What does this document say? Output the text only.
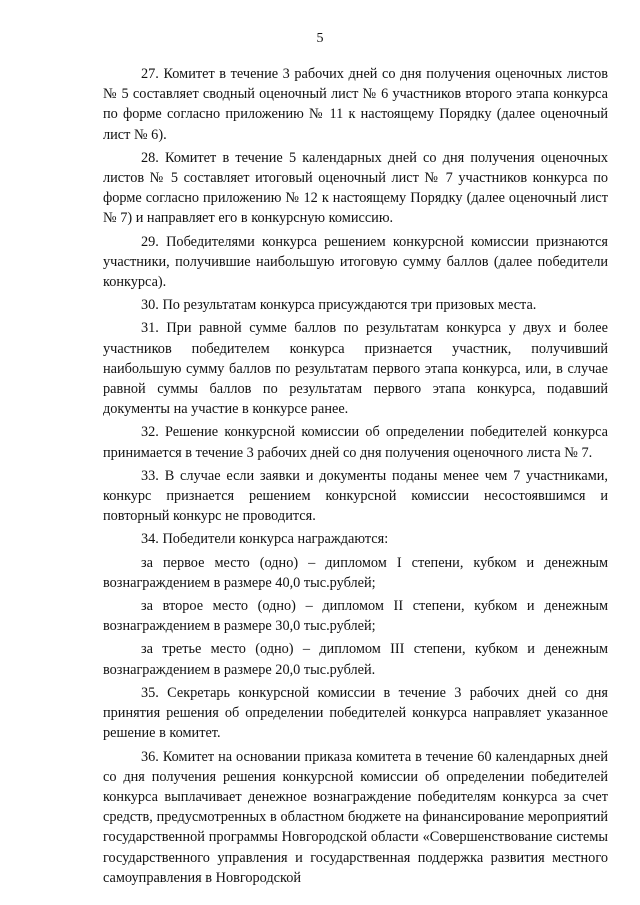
5

27. Комитет в течение 3 рабочих дней со дня получения оценочных листов № 5 составляет сводный оценочный лист № 6 участников второго этапа конкурса по форме согласно приложению № 11 к настоящему Порядку (далее оценочный лист № 6).

28. Комитет в течение 5 календарных дней со дня получения оценочных листов № 5 составляет итоговый оценочный лист № 7 участников конкурса по форме согласно приложению № 12 к настоящему Порядку (далее оценочный лист № 7) и направляет его в конкурсную комиссию.

29. Победителями конкурса решением конкурсной комиссии признаются участники, получившие наибольшую итоговую сумму баллов (далее победители конкурса).

30. По результатам конкурса присуждаются три призовых места.

31. При равной сумме баллов по результатам конкурса у двух и более участников победителем конкурса признается участник, получивший наибольшую сумму баллов по результатам первого этапа конкурса, или, в случае равной суммы баллов по результатам первого этапа конкурса, подавший документы на участие в конкурсе ранее.

32. Решение конкурсной комиссии об определении победителей конкурса принимается в течение 3 рабочих дней со дня получения оценочного листа № 7.

33. В случае если заявки и документы поданы менее чем 7 участниками, конкурс признается решением конкурсной комиссии несостоявшимся и повторный конкурс не проводится.

34. Победители конкурса награждаются:

за первое место (одно) – дипломом I степени, кубком и денежным вознаграждением в размере 40,0 тыс.рублей;

за второе место (одно) – дипломом II степени, кубком и денежным вознаграждением в размере 30,0 тыс.рублей;

за третье место (одно) – дипломом III степени, кубком и денежным вознаграждением в размере 20,0 тыс.рублей.

35. Секретарь конкурсной комиссии в течение 3 рабочих дней со дня принятия решения об определении победителей конкурса направляет указанное решение в комитет.

36. Комитет на основании приказа комитета в течение 60 календарных дней со дня получения решения конкурсной комиссии об определении победителей конкурса выплачивает денежное вознаграждение победителям конкурса за счет средств, предусмотренных в областном бюджете на финансирование мероприятий государственной программы Новгородской области «Совершенствование системы государственного управления и государственная поддержка развития местного самоуправления в Новгородской
